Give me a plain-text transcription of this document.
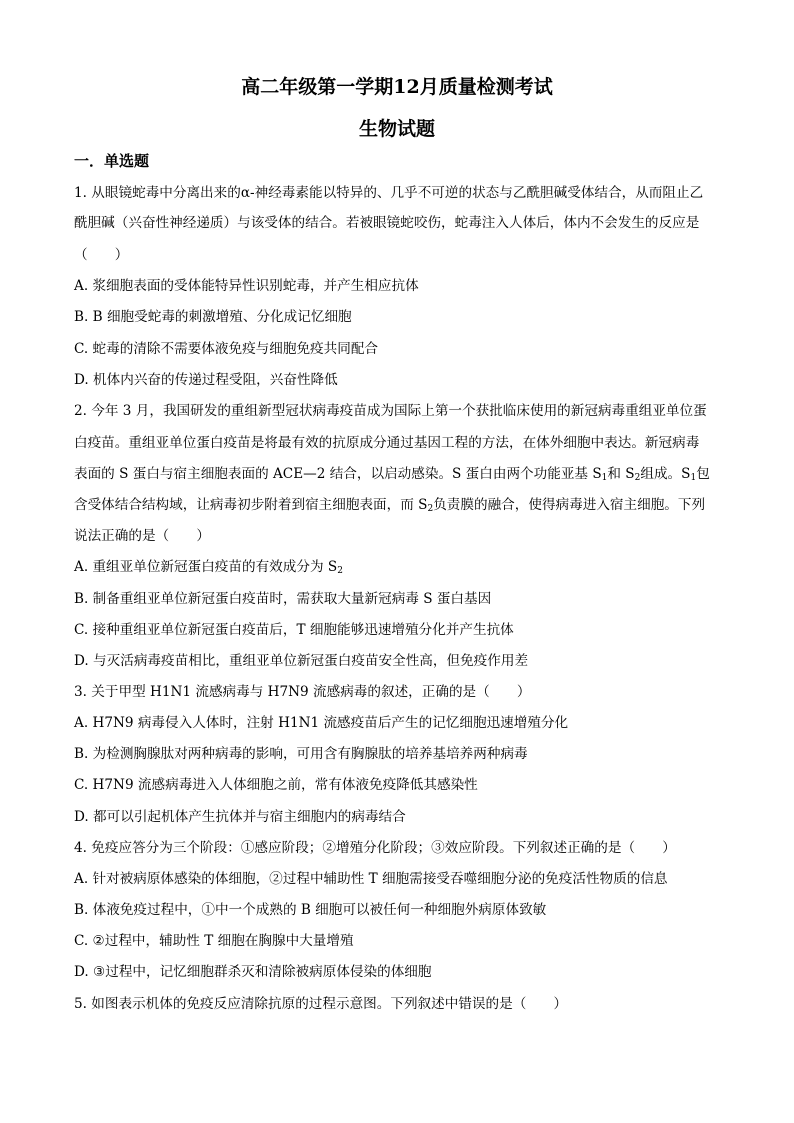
高二年级第一学期12月质量检测考试
生物试题
一．单选题
1. 从眼镜蛇毒中分离出来的α-神经毒素能以特异的、几乎不可逆的状态与乙酰胆碱受体结合，从而阻止乙
酰胆碱（兴奋性神经递质）与该受体的结合。若被眼镜蛇咬伤，蛇毒注入人体后，体内不会发生的反应是
（　　）
A. 浆细胞表面的受体能特异性识别蛇毒，并产生相应抗体
B. B 细胞受蛇毒的刺激增殖、分化成记忆细胞
C. 蛇毒的清除不需要体液免疫与细胞免疫共同配合
D. 机体内兴奋的传递过程受阻，兴奋性降低
2. 今年 3 月，我国研发的重组新型冠状病毒疫苗成为国际上第一个获批临床使用的新冠病毒重组亚单位蛋
白疫苗。重组亚单位蛋白疫苗是将最有效的抗原成分通过基因工程的方法，在体外细胞中表达。新冠病毒
表面的 S 蛋白与宿主细胞表面的 ACE—2 结合，以启动感染。S 蛋白由两个功能亚基 $S_1$和 $S_2$组成。$S_1$包
含受体结合结构域，让病毒初步附着到宿主细胞表面，而 $S_2$负责膜的融合，使得病毒进入宿主细胞。下列
说法正确的是（　　）
A. 重组亚单位新冠蛋白疫苗的有效成分为 $S_2$
B. 制备重组亚单位新冠蛋白疫苗时，需获取大量新冠病毒 S 蛋白基因
C. 接种重组亚单位新冠蛋白疫苗后，T 细胞能够迅速增殖分化并产生抗体
D. 与灭活病毒疫苗相比，重组亚单位新冠蛋白疫苗安全性高，但免疫作用差
3. 关于甲型 H1N1 流感病毒与 H7N9 流感病毒的叙述，正确的是（　　）
A. H7N9 病毒侵入人体时，注射 H1N1 流感疫苗后产生的记忆细胞迅速增殖分化
B. 为检测胸腺肽对两种病毒的影响，可用含有胸腺肽的培养基培养两种病毒
C. H7N9 流感病毒进入人体细胞之前，常有体液免疫降低其感染性
D. 都可以引起机体产生抗体并与宿主细胞内的病毒结合
4. 免疫应答分为三个阶段：①感应阶段；②增殖分化阶段；③效应阶段。下列叙述正确的是（　　）
A. 针对被病原体感染的体细胞，②过程中辅助性 T 细胞需接受吞噬细胞分泌的免疫活性物质的信息
B. 体液免疫过程中，①中一个成熟的 B 细胞可以被任何一种细胞外病原体致敏
C. ②过程中，辅助性 T 细胞在胸腺中大量增殖
D. ③过程中，记忆细胞群杀灭和清除被病原体侵染的体细胞
5. 如图表示机体的免疫反应清除抗原的过程示意图。下列叙述中错误的是（　　）
